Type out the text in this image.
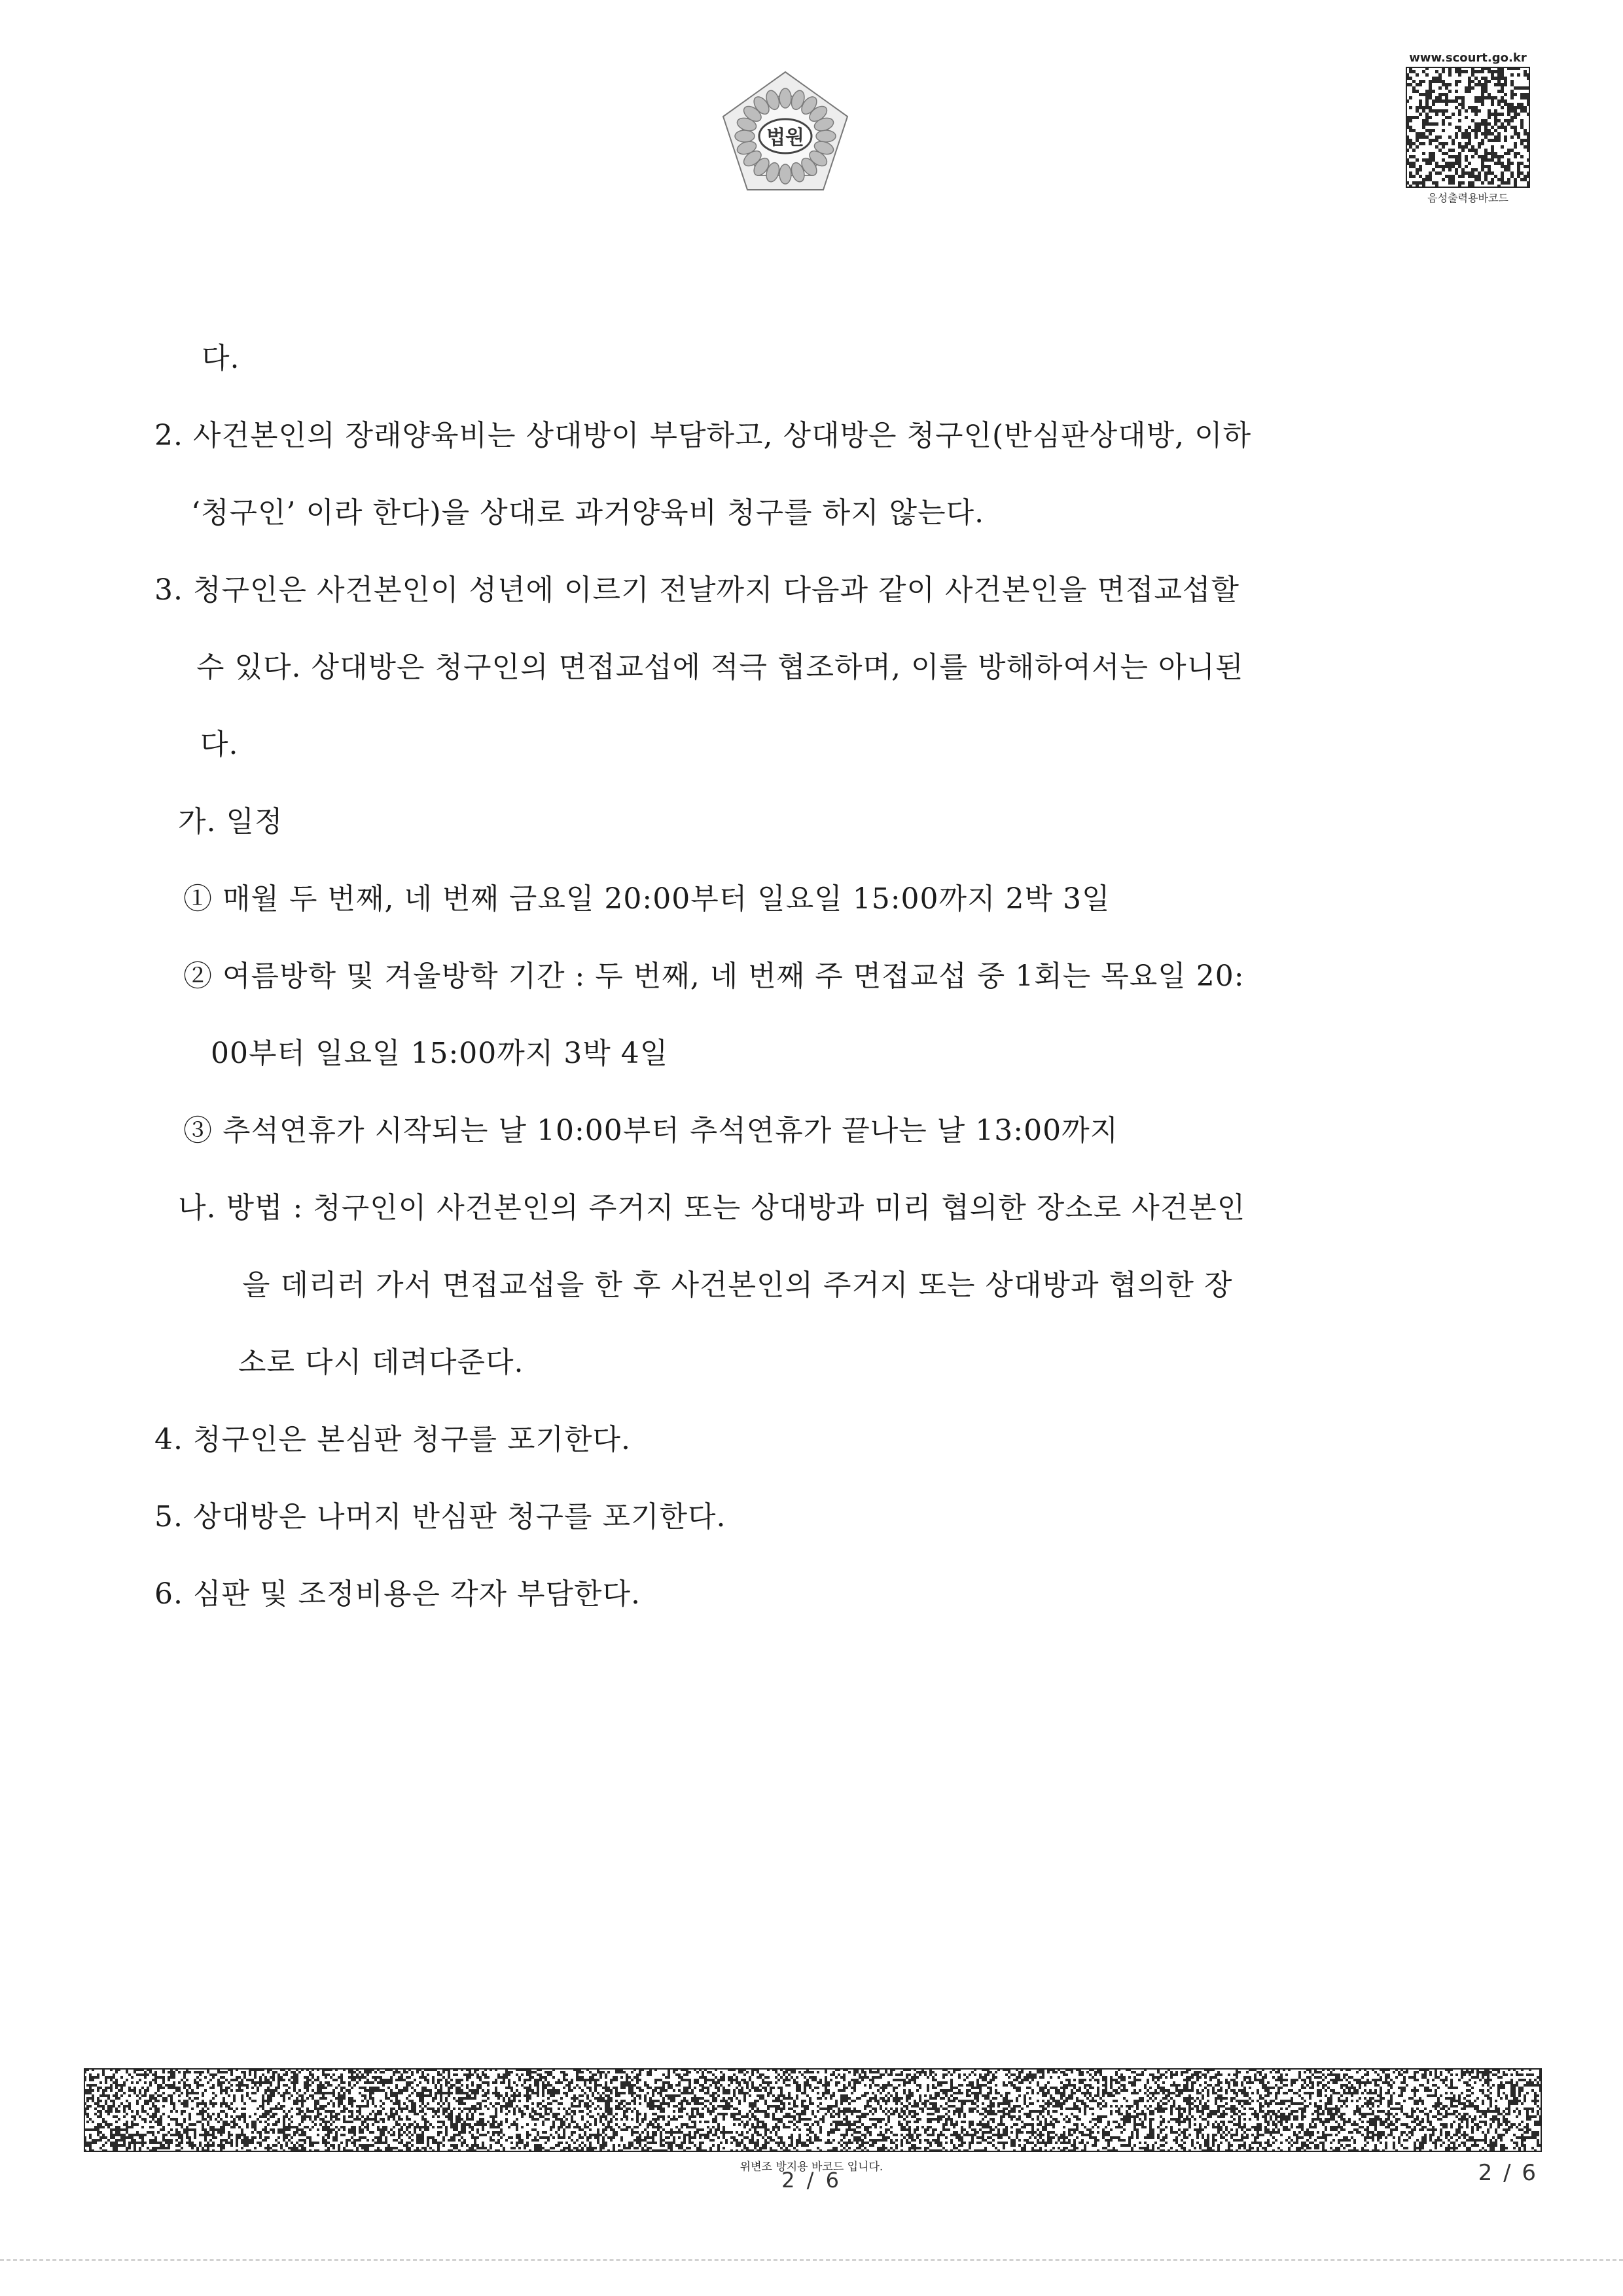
법원
www.scourt.go.kr
음성출력용바코드
다.
2. 사건본인의 장래양육비는 상대방이 부담하고, 상대방은 청구인(반심판상대방, 이하
‘청구인’ 이라 한다)을 상대로 과거양육비 청구를 하지 않는다.
3. 청구인은 사건본인이 성년에 이르기 전날까지 다음과 같이 사건본인을 면접교섭할
수 있다. 상대방은 청구인의 면접교섭에 적극 협조하며, 이를 방해하여서는 아니된
다.
가. 일정
① 매월 두 번째, 네 번째 금요일 20:00부터 일요일 15:00까지 2박 3일
② 여름방학 및 겨울방학 기간 : 두 번째, 네 번째 주 면접교섭 중 1회는 목요일 20:
00부터 일요일 15:00까지 3박 4일
③ 추석연휴가 시작되는 날 10:00부터 추석연휴가 끝나는 날 13:00까지
나. 방법 : 청구인이 사건본인의 주거지 또는 상대방과 미리 협의한 장소로 사건본인
을 데리러 가서 면접교섭을 한 후 사건본인의 주거지 또는 상대방과 협의한 장
소로 다시 데려다준다.
4. 청구인은 본심판 청구를 포기한다.
5. 상대방은 나머지 반심판 청구를 포기한다.
6. 심판 및 조정비용은 각자 부담한다.
위변조 방지용 바코드 입니다.
2 / 6	2 / 6
